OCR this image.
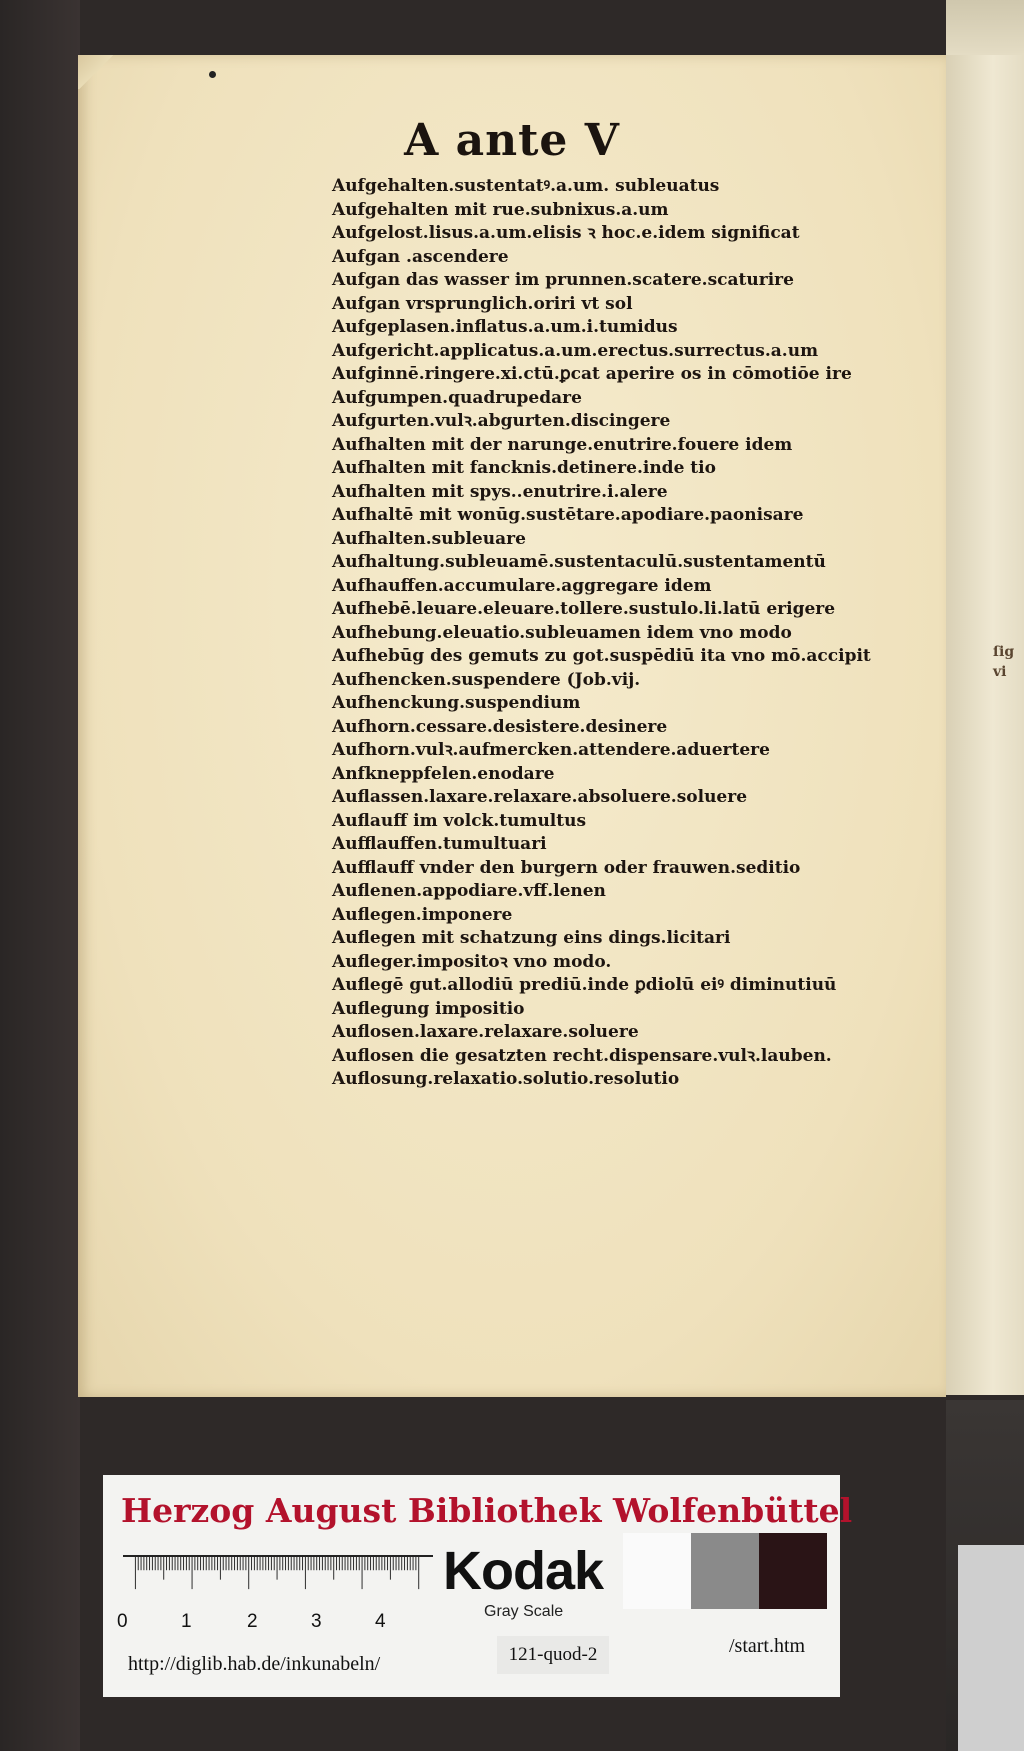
ſig
vi
A ante V
Aufgehalten.sustentatꝰ.a.um. subleuatus
Aufgehalten mit rue.subnixus.a.um
Aufgelost.lisus.a.um.elisis ꝛ hoc.e.idem significat
Aufgan .ascendere
Aufgan das wasser im prunnen.scatere.scaturire
Aufgan vrsprunglich.oriri vt sol
Aufgeplasen.inflatus.a.um.i.tumidus
Aufgericht.applicatus.a.um.erectus.surrectus.a.um
Aufginnē.ringere.xi.ctū.ꝑcat aperire os in cōmotiōe ire
Aufgumpen.quadrupedare
Aufgurten.vulꝛ.abgurten.discingere
Aufhalten mit der narunge.enutrire.fouere idem
Aufhalten mit fancknis.detinere.inde tio
Aufhalten mit spys..enutrire.i.alere
Aufhaltē mit wonūg.sustētare.apodiare.paonisare
Aufhalten.subleuare
Aufhaltung.subleuamē.sustentaculū.sustentamentū
Aufhauffen.accumulare.aggregare idem
Aufhebē.leuare.eleuare.tollere.sustulo.li.latū erigere
Aufhebung.eleuatio.subleuamen idem vno modo
Aufhebūg des gemuts zu got.suspēdiū ita vno mō.accipit
Aufhencken.suspendere (Job.vij.
Aufhenckung.suspendium
Aufhorn.cessare.desistere.desinere
Aufhorn.vulꝛ.aufmercken.attendere.aduertere
Anfkneppfelen.enodare
Auflassen.laxare.relaxare.absoluere.soluere
Auflauff im volck.tumultus
Aufflauffen.tumultuari
Aufflauff vnder den burgern oder frauwen.seditio
Auflenen.appodiare.vff.lenen
Auflegen.imponere
Auflegen mit schatzung eins dings.licitari
Aufleger.impositoꝛ vno modo.
Auflegē gut.allodiū prediū.inde ꝑdiolū eiꝰ diminutiuū
Auflegung impositio
Auflosen.laxare.relaxare.soluere
Auflosen die gesatzten recht.dispensare.vulꝛ.lauben.
Auflosung.relaxatio.solutio.resolutio
Herzog August Bibliothek Wolfenbüttel
0	1	2	3	4
Kodak
Gray Scale
http://diglib.hab.de/inkunabeln/	121-quod-2	/start.htm
